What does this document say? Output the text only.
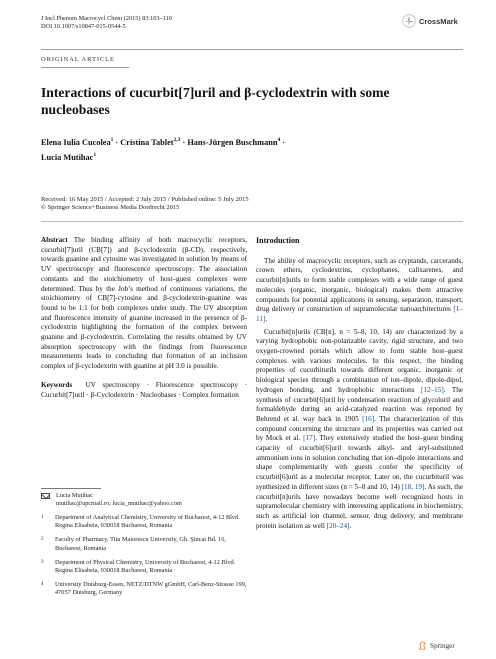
J Incl Phenom Macrocycl Chem (2015) 83:103–110
DOI 10.1007/s10847-015-0544-5
CrossMark
ORIGINAL ARTICLE
Interactions of cucurbit[7]uril and β-cyclodextrin with some nucleobases
Elena Iulia Cucolea$^1$ · Cristina Tablet$^{2,3}$ · Hans-Jürgen Buschmann$^4$ ·
Lucia Mutihac$^1$
Received: 16 May 2015 / Accepted: 2 July 2015 / Published online: 5 July 2015
© Springer Science+Business Media Dordrecht 2015

Abstract The binding affinity of both macrocyclic receptors, cucurbit[7]uril (CB[7]) and β-cyclodextrin (β-CD), respectively, towards guanine and cytosine was investigated in solution by means of UV spectroscopy and fluorescence spectroscopy. The association constants and the stoichiometry of host–guest complexes were determined. Thus by the Job’s method of continuous variations, the stoichiometry of CB[7]-cytosine and β-cyclodextrin-guanine was found to be 1:1 for both complexes under study. The UV absorption and fluorescence intensity of guanine increased in the presence of β-cyclodextrin highlighting the formation of the complex between guanine and β-cyclodextrin. Correlating the results obtained by UV absorption spectroscopy with the findings from fluorescence measurements leads to concluding that formation of an inclusion complex of β-cyclodextrin with guanine at pH 3.0 is possible.

Keywords UV spectroscopy · Fluorescence spectroscopy · Cucurbit[7]uril · β-Cyclodextrin · Nucleobases · Complex formation

Lucia Mutihac
mutihac@upcmail.ro; lucia_mutihac@yahoo.com
1	Department of Analytical Chemistry, University of Bucharest, 4-12 Blvd. Regina Elisabeta, 030018 Bucharest, Romania
2	Faculty of Pharmacy, Titu Maiorescu University, Gh. Şincai Bd. 16, Bucharest, Romania
3	Department of Physical Chemistry, University of Bucharest, 4-12 Blvd. Regina Elisabeta, 030018 Bucharest, Romania
4	University Duisburg-Essen, NETZ/DTNW gGmbH, Carl-Benz-Strasse 199, 47057 Duisburg, Germany
Introduction

The ability of macrocyclic receptors, such as cryptands, carcerands, crown ethers, cyclodextrins, cyclophanes, calixarenes, and cucurbit[n]urils to form stable complexes with a wide range of guest molecules (organic, inorganic, biological) makes them attractive compounds for potential applications in sensing, separation, transport, drug delivery or construction of supramolecular nanoarchitectures [1–11].

Cucurbit[n]urils (CB[n], n = 5–8, 10, 14) are characterized by a varying hydrophobic non-polarizable cavity, rigid structure, and two oxygen-crowned portals which allow to form stable host–guest complexes with various molecules. In this respect, the binding properties of cucurbiturils towards different organic, inorganic or biological species through a combination of ion–dipole, dipole-dipol, hydrogen bonding, and hydrophobic interactions [12–15]. The synthesis of cucurbit[6]uril by condensation reaction of glycoluril and formaldehyde during an acid-catalyzed reaction was reported by Behrend et al. way back in 1905 [16]. The characterization of this compound concerning the structure and its properties was carried out by Mock et al. [17]. They extensively studied the host–guest binding capacity of cucurbit[6]uril towards alkyl- and aryl-substituted ammonium ions in solution concluding that ion–dipole interactions and shape complementarily with guests confer the specificity of cucurbit[6]uril as a molecular receptor. Later on, the cucurbituril was synthesized in different sizes (n = 5–8 and 10, 14) [18, 19]. As such, the cucurbit[n]urils have nowadays become well recognized hosts in supramolecular chemistry with interesting applications in biochemistry, such as artificial ion channel, sensor, drug delivery, and membrane protein isolation as well [20–24].

Springer
